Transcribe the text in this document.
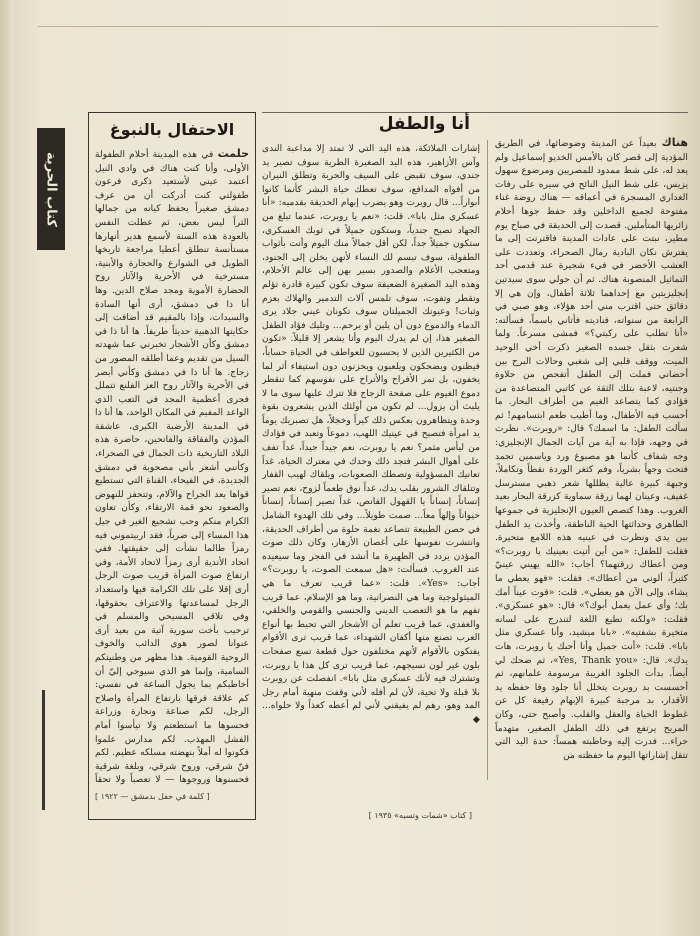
كتاب الحرية
أنا والطفل

هناك بعيداً عن المدينة وضوضائها، في الطريق المؤدية إلى قصر كان بالأمس الخديو إسماعيل ولم يعد له، على شط ممدود للمصريين ومرضوع سهول يزيس، على شط النيل النائح في سيره على رفات الغداري المسجرة في أعماقه — هناك روضة غناء مفتوحة لجميع الداخلين وقد حفظ جوها أحلام زائريها المتأملين. قصدت إلى الحديقة في صباح يوم مطير، نبتت على عادات المدينة فاقترنت إلى ما يفترش نكان البادية رمال الصحراء، وتعددت على العشب الأخضر في فيء شجيرة عند قدمي أحد التماثيل المنصوبة هناك. ثم أن حولي سوى سيدتين إنجليزيتين مع إحداهما ثلاثة أطفال، وإن هي إلا دقائق حتى اقترب مني أحد هؤلاء، وهو صبي في الرابعة من سنواته، فناديته فأتاني باسماً، فسألته: «أنا تطلب على ركبتي؟» فمشى مسرعاً. ولما شعرت بثقل جسده الصغير ذكرت أخي الوحيد الميت، ووقف قلبي إلى شغبي وحالات البرح بين أحضاني فملت إلى الطفل أتفحص من حلاوة وجنتيه، لاعبة بتلك الثقة عن كاتبي المتصاعدة من فؤادي كما يتصاعد الغيم من أطراف البحار. ما أحسب فيه الأطفال، وما أطيب طعم ابتسامهم! ثم سألت الطفل: ما اسمك؟ قال: «روبرت». نظرت في وجهه، فإذا به آية من آيات الجمال الإنجليزي: وجه شفاف كأنما هو مصبوغ ورد وياسمين تجمد فتحت وجهاً بشرياً، وفم كثغر الوردة نقطاً وتكاملاً، وجبهة كبيرة عالية يظللها شعر ذهبي مسترسل غفيف، وعينان لهما زرقة سماوية كزرقة البحار بعيد الغروب. وهذا كتصص العيون الإنجليزية في جموعها الطاهري وحداثتها الحية الناطقة، وأخذت يد الطفل بين يدي ونظرت في عينيه هذه اللامع متحيرة. فقلت للطفل: «من أين أتيت بعينيك يا روبرت؟» ومن أعطاك زرقتهما؟ أجاب: «الله يهيني عينيّ كثيراً، ألوني من أعطاك». فقلت: «فهو يعطي ما يشاء، وإلى الآن هو يعطي». قلت: «قوت عيناً أمك بك؛ وأي عمل يعمل أبوك؟» قال: «هو عسكري». فقلت: «ولكنه تطيع اللغة لتندرج على لسانه متخيرة بشفتيه». «بابا ميشيد، وأنا عسكري مثل بابا». قلت: «أنت جميل وأنا أحبك يا روبرت، هات يدك». قال: «Yes, Thank you»، ثم ضحك لي أيضاً. بدأت الجلود الغريبة مرسومة علمانهم، ثم أحسست بد روبرت يتخلل أنا جلود وفا حفظه يد الأقدار، بد مرجبة كبيرة الإبهام رفيعة كل عن غطوط الحياة والعقل والقلب. وأصبح حتى، وكان المريح يرتفع في ذلك الطفل الصغير، متهدماً حراء... فدرت إليه وحاطبته همساً: حدة اليد التي تتقل إشاراتها اليوم ما حفظته من

إشارات الملائكة، هذه اليد التي لا تمتد إلا مداعبة الندى وآس الأزاهير، هذه اليد الصغيرة الطرية سوف تصير يد جندي، سوف تقبض على السيف والحربة وتطلق النيران من أفواه المدافع، سوف تعطك حياة البشر كأنما كانوا أبواراً... قال روبرت وهو يضرب إبهام الحديقة بقدميه: «أنا عسكري مثل بابا». قلت: «نعم يا روبرت، عندما تبلغ من الجهاد تصبح جندياً، وستكون جميلاً في ثوبك العسكري، ستكون جميلاً جداً، لكن أقل جمالاً منك اليوم وأنت بأثواب الطفولة، سوف تبسم لك النساء لأنهن يخلن إلى الجنود، ومتعجب الأغلام والصدور بسير بهن إلى عالم الأحلام، وهذه اليد الصغيرة الضعيفة سوف تكون كبيرة قادرة تؤلم وتقطر وتفوت، سوف تلمس آلات التدمير والهلاك بعزم وثبات! وعيونك الجميلتان سوف تكونان عيني جلاد يرى الدماء والدموع دون أن يلين أو يرحم... وتليك فؤاد الطفل الصغير هذا، إن لم يدرك اليوم وأنا يشعر إلا قليلاً. «تكون من الكثيرين الذين لا يحسبون للعواطف في الحياة حساباً، فيظنون ويضحكون ويلعبون ويحزنون دون استيفاء أثر لما يخفون، بل تمر الأفراح والأتراح على نفوسهم كما تنقطر دموع الغيوم على صفحة الزجاج فلا تترك عليها سوى ما لا يلبث أن يزول... لم تكون من أولئك الذين يشعرون بقوة وحدة ويتظاهرون بعكس ذلك كبراً وخجلاً، هل تصبريك يوماً يد امرأة فتصبح في عينيك اللهب، دموعاً وتعبد في فؤادك من ليأس مثمر؟ نعم يا روبرت، نعم جيداً جيداً، غداً تفف على أهوال البشر فتجد ذلك وحدك في معترك الحياة، غداً تعانيك المسؤولية وتصطك الصعوبات، ويلقاك لهيب القفار وتتلقاك الشرور بقلب يدك، غداً نوق طعماً لزوح، نعم تصير إنساناً، إنساناً يا القهول القانص، غداً تصير إنساناً، إنساناً حيواناً وإلهاً معاً... صمت طويلاً... وفي تلك الهدوء الشامل في حصن الطبيعة تتصاعد نغمة حلوة من أطراف الحديقة، وانتشرت نفوسها على أغصان الأزهار، وكان ذلك صوت المؤذن يردد في الظهيرة ما أنشد في الفجر وما سيعيده عند الغروب. فسألت: «هل سمعت الصوت، يا روبرت؟» أجاب: «Yes». قلت: «عما قريب تعرف ما هي الميثولوجية وما هي النصرانية، وما هو الإسلام، عما قريب تفهم ما هو التعصب الديني والجنسي والقومي والخلقي، والغفدي، عما قريب تعلم أن الأشجار التي تحيط بها أنواع العرب تصنع منها أكفان الشهداء، عما قريب ترى الأقوام يفتكون بالأقوام لأنهم مختلفون حول قطعة تسع صفحات بلون غير لون نسيجهم، عما قريب ترى كل هذا يا روبرت، وتشترك فيه لأنك عسكري مثل بابا». انفصلت عن روبرت بلا قبلة ولا تحية، لأن لم أفله لأني وقفت منهية أمام رجل المد وهو، رهم لم يفيقني لأني لم أعطه كعذاً ولا حلواه... ◆

[ كتاب «شمات وتسبه» ۱۹۳٥ ]
الاحتفال بالنبوغ

حلمت في هذه المدينة أحلام الطفولة الأولى، وأنا كنت هناك في وادي النيل أعتمد عيني لأستعيد ذكرى فرعون طفولتي كنت أدركت أن من عرف دمشق صغيراً يحفظ كيانه من جمالها الثراً ليس بعض، ثم عطلت النفس بالعودة هذه السنة لأسمع هدير أنهارها مستأنسة تنطلق أعطيا مراجعة تاريخها الطويل في الشوارع والحجارة والأبنية، مسترخية في الأحرية والآثار روح الحضارة الأموية ومجد صلاح الدين. وها أنا ذا في دمشق، أرى أنها السادة والسيدات، وإذا بالمقيم قد أضافت إلى حكايتها الذهبية حديثاً طريفاً. ها أنا ذا في دمشق وكأن الأشجار تخبرني عما شهدته السيل من تقديم وعما أطلقه المصور من زجاج. ها أنا ذا في دمشق وكأني أبصر في الأحرية والآثار روح العز الفلنع تتملل فجرى أعظمية المجد في التعب الذي الواعد المفيم في المكان الواحد، ها أنا ذا في المدينة الأرضية الكبرى، عاشقة المؤذن والفقاقة والفاتحين، حاضرة هذه البلاد التاريخية ذات الجمال في الصحراء، وكأنني أشعر بأني مصحوبة في دمشق الجديدة، في الفيحاء، القناة التي تستطيع قواها بعد الجراح والآلام، وتتحفز للنهوض والصعود نحو قمة الارتقاء، وكأن تعاون الكرام منكم وحب تشجيع الغير في جيل هذا المساء إلى ضرباً، فقد اربيتموني فيه رمزاً طالما نشأت إلى حقيقتها. ففي اتحاد الأندية أرى رمزاً لاتحاد الأمة، وفي ارتفاع صوت المرأة قريب صوت الرجل أرى إقلا على تلك الكرامة فيها واستعداد الرجل لمساعدتها والاعتراف بحقوقها، وفي تلاقي المسيحي والمسلم في ترحيب بأخت سورية آتية من بعيد أرى عنوانا لصور هوي الدائب والخوف الروحية القومية. هذا مظهر من وطنيتكم السامية، وإنما هو الذي سيوحي إليّ أن أخاطبكم بما يجول الساعة في نفسي: كم علاقة فرقها بارتفاع المرأة واصلاح الرجل، لكم صناعة ونجارة وزراعة فحسوها ما استطعتم ولا تيأسوا أمام الفشل المهذب. لكم مدارس علموا فكونوا له أملاً بنهضته مسلكه عظيم. لكم فنّ شرقي، وروح شرقي، وبلغة شرقية فحسنوها وروجوها — لا تعصباً ولا تحقاً

[ كلمة في حفل بدمشق — ۱۹۲۲ ]
